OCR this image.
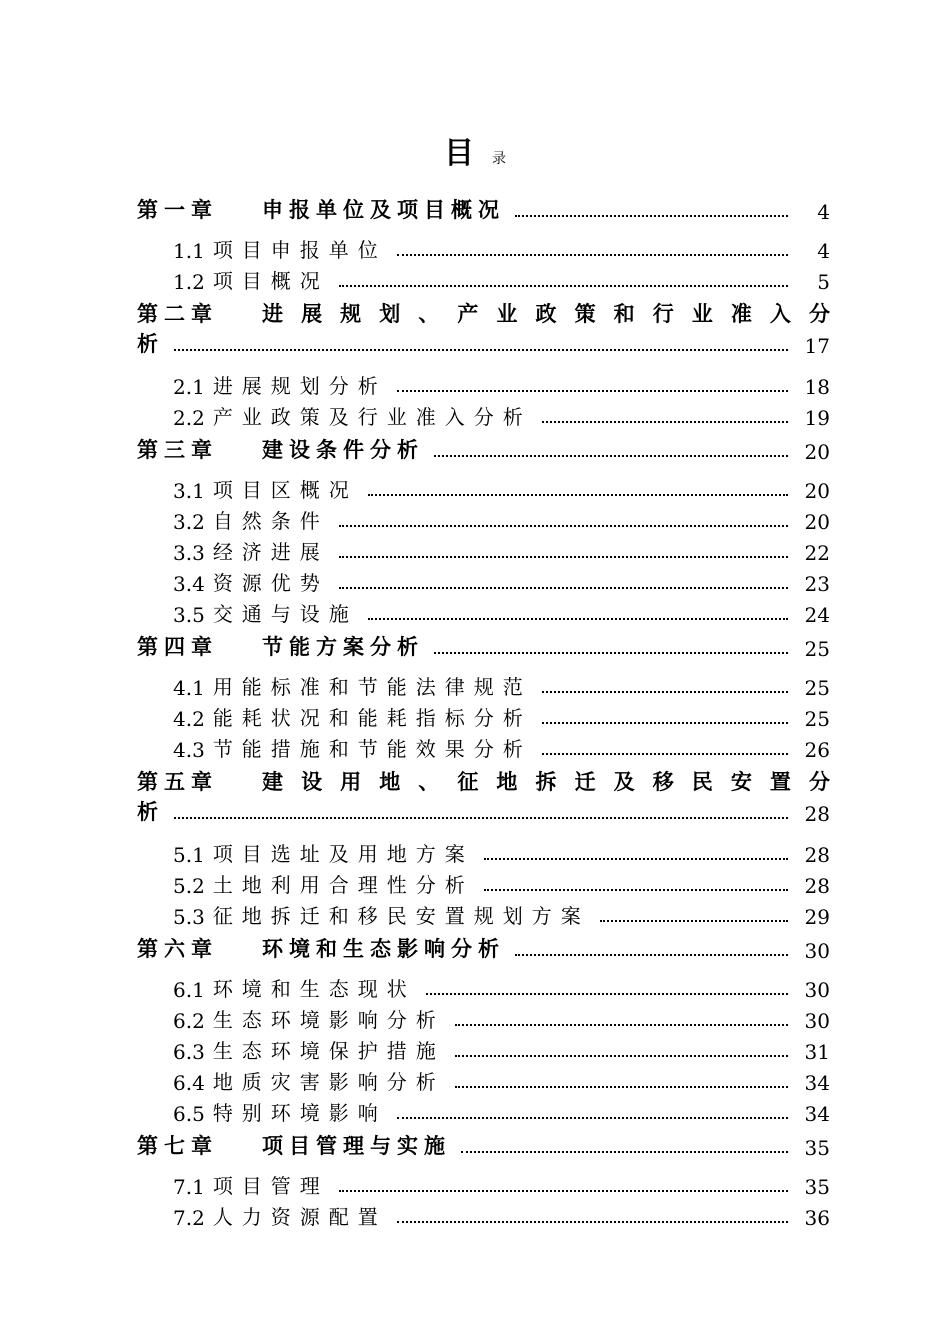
目 录
第一章 申报单位及项目概况	4
1.1 项目申报单位	4
1.2 项目概况	5
第二章 进展规划、产业政策和行业准入分
析	17
2.1 进展规划分析	18
2.2 产业政策及行业准入分析	19
第三章 建设条件分析	20
3.1 项目区概况	20
3.2 自然条件	20
3.3 经济进展	22
3.4 资源优势	23
3.5 交通与设施	24
第四章 节能方案分析	25
4.1 用能标准和节能法律规范	25
4.2 能耗状况和能耗指标分析	25
4.3 节能措施和节能效果分析	26
第五章 建设用地、征地拆迁及移民安置分
析	28
5.1 项目选址及用地方案	28
5.2 土地利用合理性分析	28
5.3 征地拆迁和移民安置规划方案	29
第六章 环境和生态影响分析	30
6.1 环境和生态现状	30
6.2 生态环境影响分析	30
6.3 生态环境保护措施	31
6.4 地质灾害影响分析	34
6.5 特别环境影响	34
第七章 项目管理与实施	35
7.1 项目管理	35
7.2 人力资源配置	36
